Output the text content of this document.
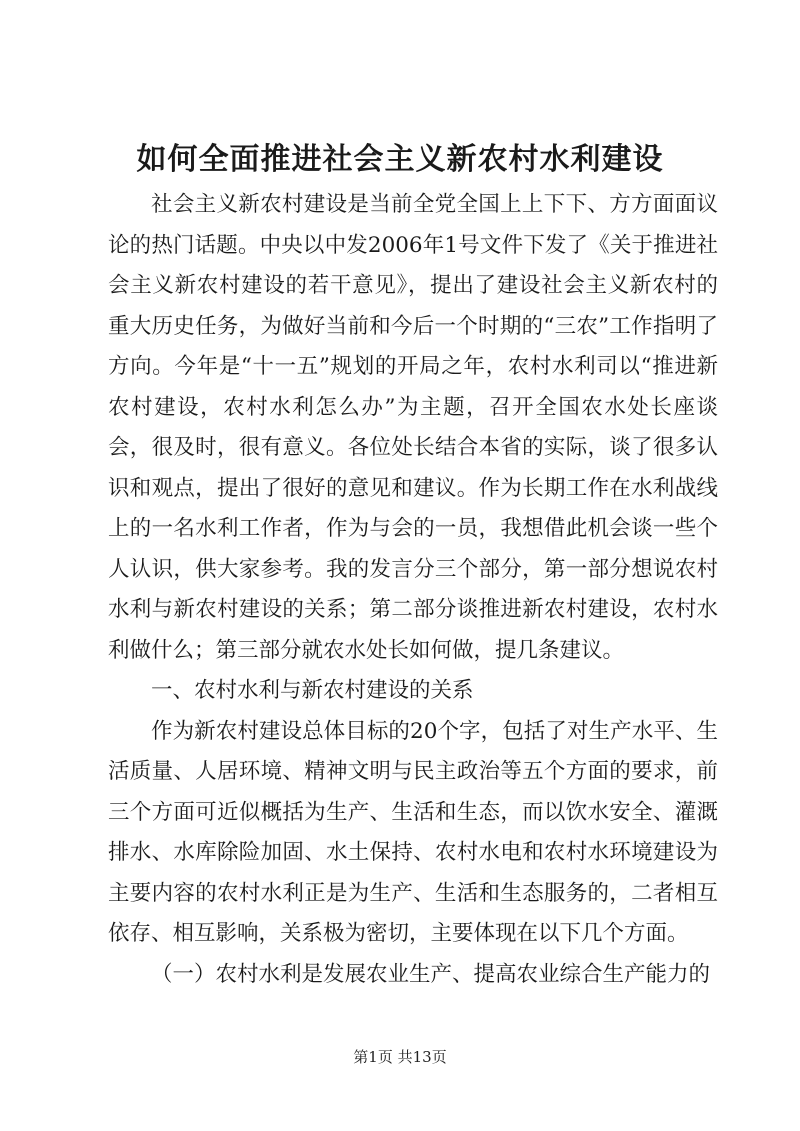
如何全面推进社会主义新农村水利建设

社会主义新农村建设是当前全党全国上上下下、方方面面议论的热门话题。中央以中发2006年1号文件下发了《关于推进社会主义新农村建设的若干意见》，提出了建设社会主义新农村的重大历史任务，为做好当前和今后一个时期的“三农”工作指明了方向。今年是“十一五”规划的开局之年，农村水利司以“推进新农村建设，农村水利怎么办”为主题，召开全国农水处长座谈会，很及时，很有意义。各位处长结合本省的实际，谈了很多认识和观点，提出了很好的意见和建议。作为长期工作在水利战线上的一名水利工作者，作为与会的一员，我想借此机会谈一些个人认识，供大家参考。我的发言分三个部分，第一部分想说农村水利与新农村建设的关系；第二部分谈推进新农村建设，农村水利做什么；第三部分就农水处长如何做，提几条建议。

一、农村水利与新农村建设的关系

作为新农村建设总体目标的20个字，包括了对生产水平、生活质量、人居环境、精神文明与民主政治等五个方面的要求，前三个方面可近似概括为生产、生活和生态，而以饮水安全、灌溉排水、水库除险加固、水土保持、农村水电和农村水环境建设为主要内容的农村水利正是为生产、生活和生态服务的，二者相互依存、相互影响，关系极为密切，主要体现在以下几个方面。

（一）农村水利是发展农业生产、提高农业综合生产能力的

第1页 共13页
